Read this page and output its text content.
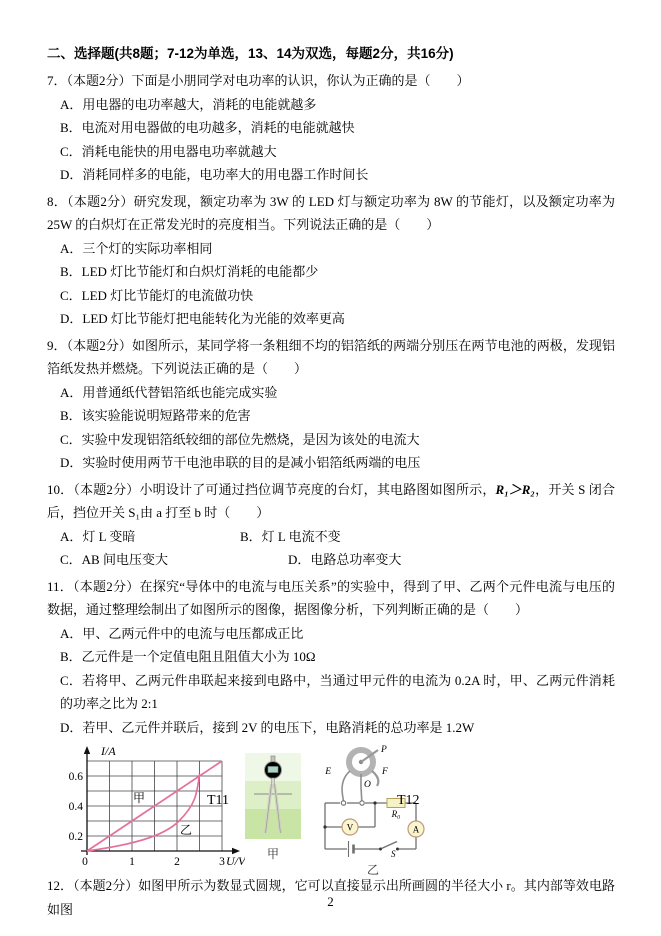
二、选择题(共8题；7-12为单选，13、14为双选，每题2分，共16分)

7．（本题2分）下面是小朋同学对电功率的认识，你认为正确的是（　　）

A．用电器的电功率越大，消耗的电能就越多

B．电流对用电器做的电功越多，消耗的电能就越快

C．消耗电能快的用电器电功率就越大

D．消耗同样多的电能，电功率大的用电器工作时间长

8．（本题2分）研究发现，额定功率为 3W 的 LED 灯与额定功率为 8W 的节能灯，以及额定功率为 25W 的白炽灯在正常发光时的亮度相当。下列说法正确的是（　　）

A．三个灯的实际功率相同

B．LED 灯比节能灯和白炽灯消耗的电能都少

C．LED 灯比节能灯的电流做功快

D．LED 灯比节能灯把电能转化为光能的效率更高

9．（本题2分）如图所示，某同学将一条粗细不均的铝箔纸的两端分别压在两节电池的两极，发现铝箔纸发热并燃烧。下列说法正确的是（　　）

A．用普通纸代替铝箔纸也能完成实验

B．该实验能说明短路带来的危害

C．实验中发现铝箔纸较细的部位先燃烧，是因为该处的电流大

D．实验时使用两节干电池串联的目的是减小铝箔纸两端的电压

10．（本题2分）小明设计了可通过挡位调节亮度的台灯，其电路图如图所示，R₁＞R₂，开关 S 闭合后，挡位开关 S₁由 a 打至 b 时（　　）

A．灯 L 变暗	B．灯 L 电流不变
C．AB 间电压变大	D．电路总功率变大

11．（本题2分）在探究“导体中的电流与电压关系”的实验中，得到了甲、乙两个元件电流与电压的数据，通过整理绘制出了如图所示的图像，据图像分析，下列判断正确的是（　　）

A．甲、乙两元件中的电流与电压都成正比

B．乙元件是一个定值电阻且阻值大小为 10Ω

C．若将甲、乙两元件串联起来接到电路中，当通过甲元件的电流为 0.2A 时，甲、乙两元件消耗的功率之比为 2:1

D．若甲、乙元件并联后，接到 2V 的电压下，电路消耗的总功率是 1.2W

I/A
U/V
0.2
0.4
0.6
0	1	2	3
甲
乙
T11
甲
P
E	F
O
R₀
V	A
S
乙
T12

12．（本题2分）如图甲所示为数显式圆规，它可以直接显示出所画圆的半径大小 r。其内部等效电路如图	2
